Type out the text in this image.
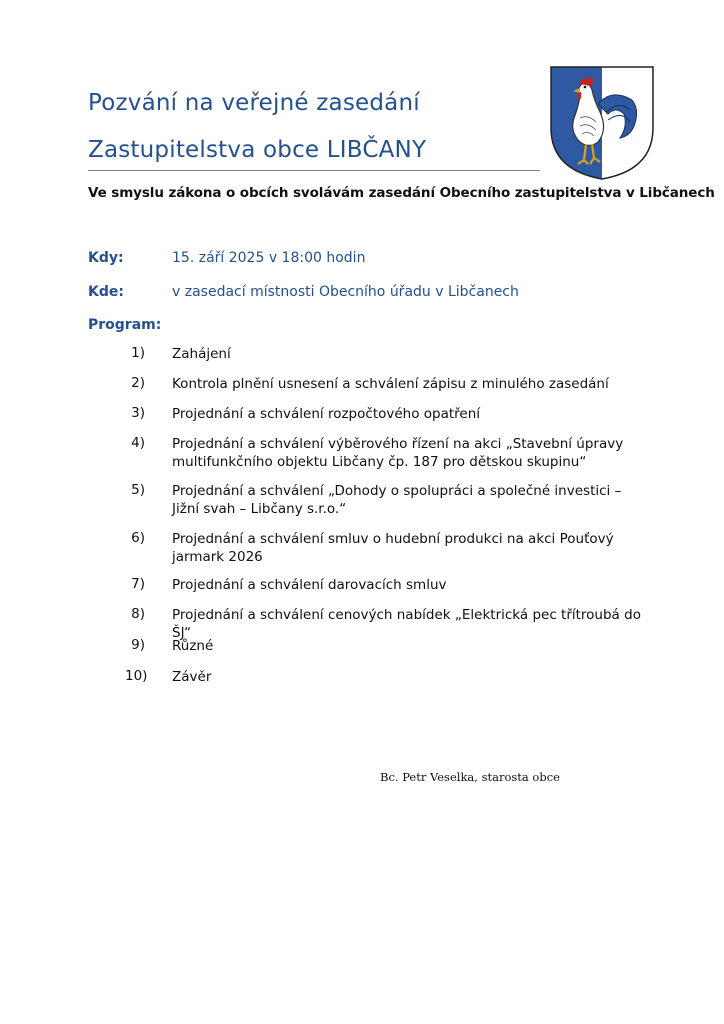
Pozvání na veřejné zasedání
Zastupitelstva obce LIBČANY
Ve smyslu zákona o obcích svolávám zasedání Obecního zastupitelstva v Libčanech
Kdy:	15. září 2025 v 18:00 hodin
Kde:	v zasedací místnosti Obecního úřadu v Libčanech
Program:
1) Zahájení
2) Kontrola plnění usnesení a schválení zápisu z minulého zasedání
3) Projednání a schválení rozpočtového opatření
4) Projednání a schválení výběrového řízení na akci „Stavební úpravy multifunkčního objektu Libčany čp. 187 pro dětskou skupinu“
5) Projednání a schválení „Dohody o spolupráci a společné investici – Jižní svah – Libčany s.r.o.“
6) Projednání a schválení smluv o hudební produkci na akci Pouťový jarmark 2026
7) Projednání a schválení darovacích smluv
8) Projednání a schválení cenových nabídek „Elektrická pec třítroubá do ŠJ“
9) Různé
10) Závěr
Bc. Petr Veselka, starosta obce
